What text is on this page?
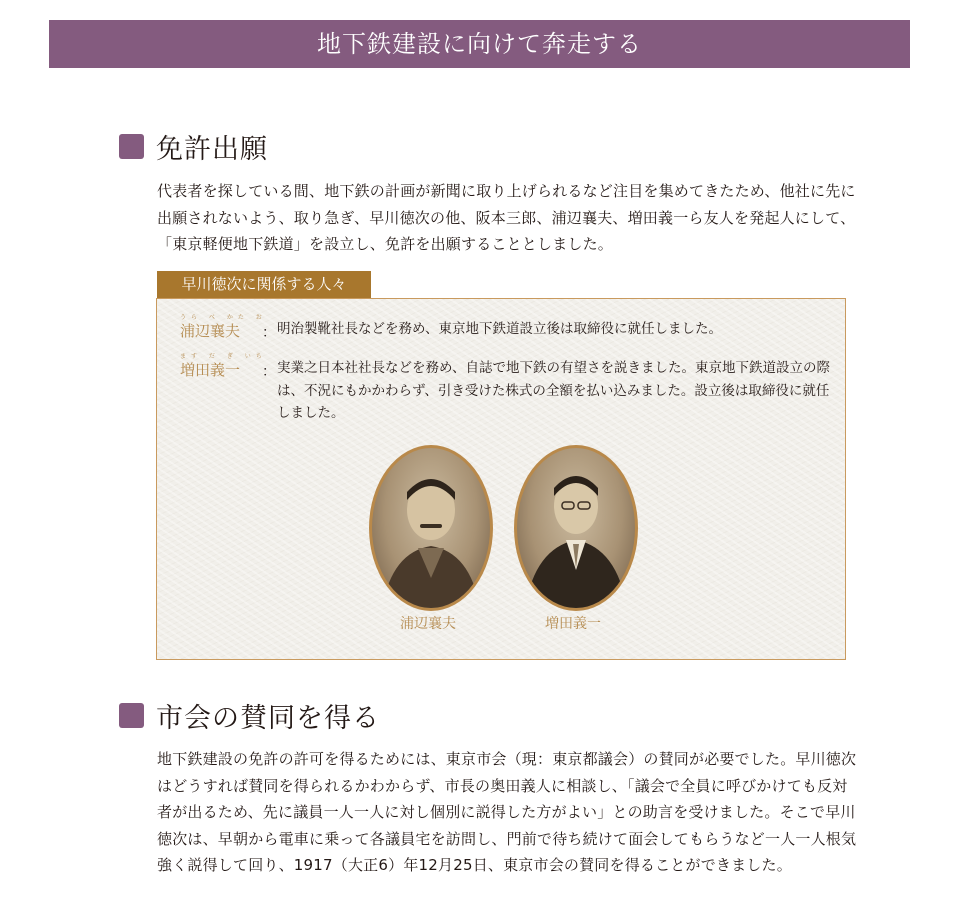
地下鉄建設に向けて奔走する
免許出願
代表者を探している間、地下鉄の計画が新聞に取り上げられるなど注目を集めてきたため、他社に先に出願されないよう、取り急ぎ、早川徳次の他、阪本三郎、浦辺襄夫、増田義一ら友人を発起人にして、「東京軽便地下鉄道」を設立し、免許を出願することとしました。
早川徳次に関係する人々
うら べ かた お
浦辺襄夫	： 明治製靴社長などを務め、東京地下鉄道設立後は取締役に就任しました。
ます だ ぎ いち
増田義一	： 実業之日本社社長などを務め、自誌で地下鉄の有望さを説きました。東京地下鉄道設立の際は、不況にもかかわらず、引き受けた株式の全額を払い込みました。設立後は取締役に就任しました。
浦辺襄夫	増田義一
市会の賛同を得る
地下鉄建設の免許の許可を得るためには、東京市会（現：東京都議会）の賛同が必要でした。早川徳次はどうすれば賛同を得られるかわからず、市長の奥田義人に相談し、「議会で全員に呼びかけても反対者が出るため、先に議員一人一人に対し個別に説得した方がよい」との助言を受けました。そこで早川徳次は、早朝から電車に乗って各議員宅を訪問し、門前で待ち続けて面会してもらうなど一人一人根気強く説得して回り、1917（大正6）年12月25日、東京市会の賛同を得ることができました。
